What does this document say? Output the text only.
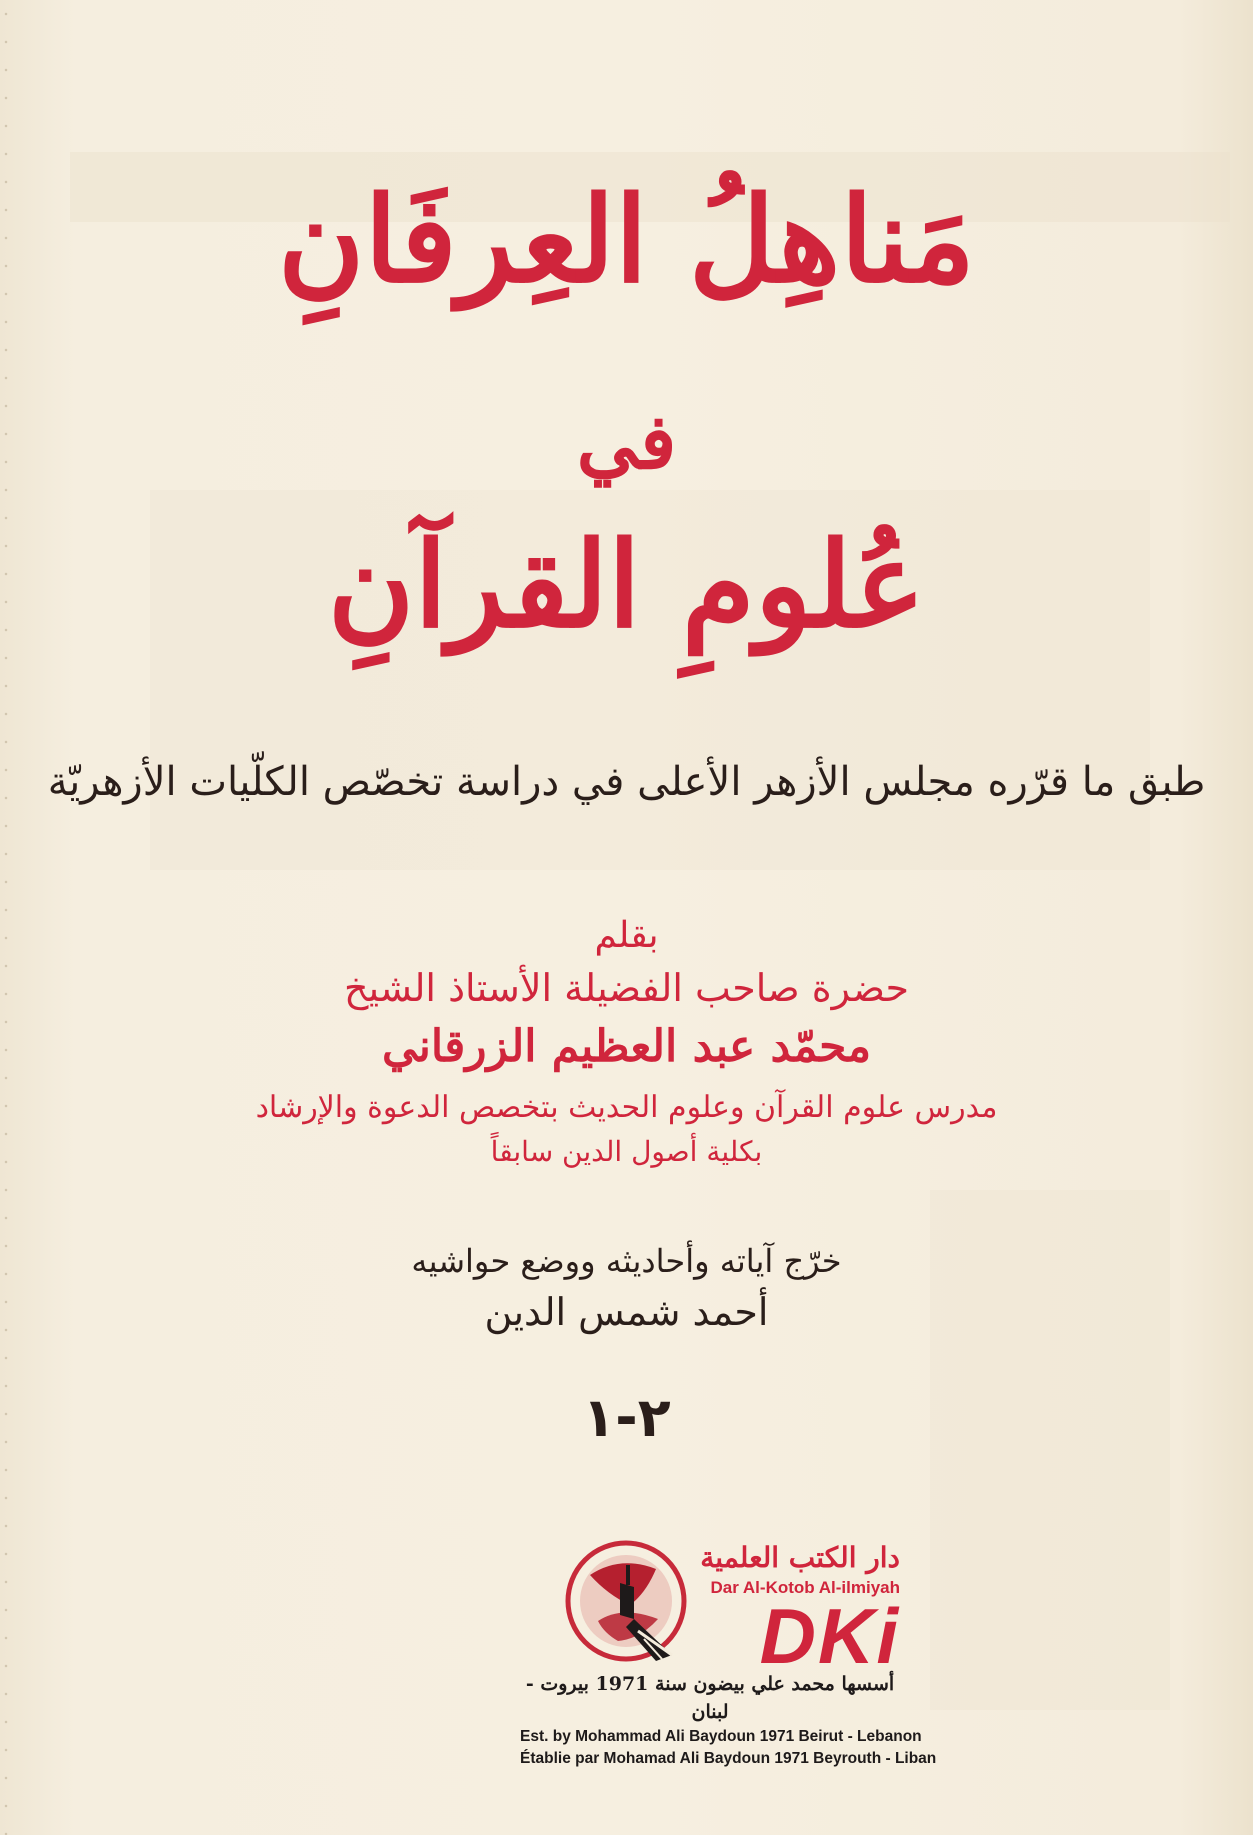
مَناهِلُ العِرفَانِ
في
عُلومِ القرآنِ
طبق ما قرّره مجلس الأزهر الأعلى في دراسة تخصّص الكلّيات الأزهريّة
بقلم
حضرة صاحب الفضيلة الأستاذ الشيخ
محمّد عبد العظيم الزرقاني
مدرس علوم القرآن وعلوم الحديث بتخصص الدعوة والإرشاد
بكلية أصول الدين سابقاً
خرّج آياته وأحاديثه ووضع حواشيه
أحمد شمس الدين
٢-١
دار الكتب العلمية
Dar Al-Kotob Al-ilmiyah
DKi
أسسها محمد علي بيضون سنة 1971 بيروت - لبنان
Est. by Mohammad Ali Baydoun 1971 Beirut - Lebanon
Établie par Mohamad Ali Baydoun 1971 Beyrouth - Liban
